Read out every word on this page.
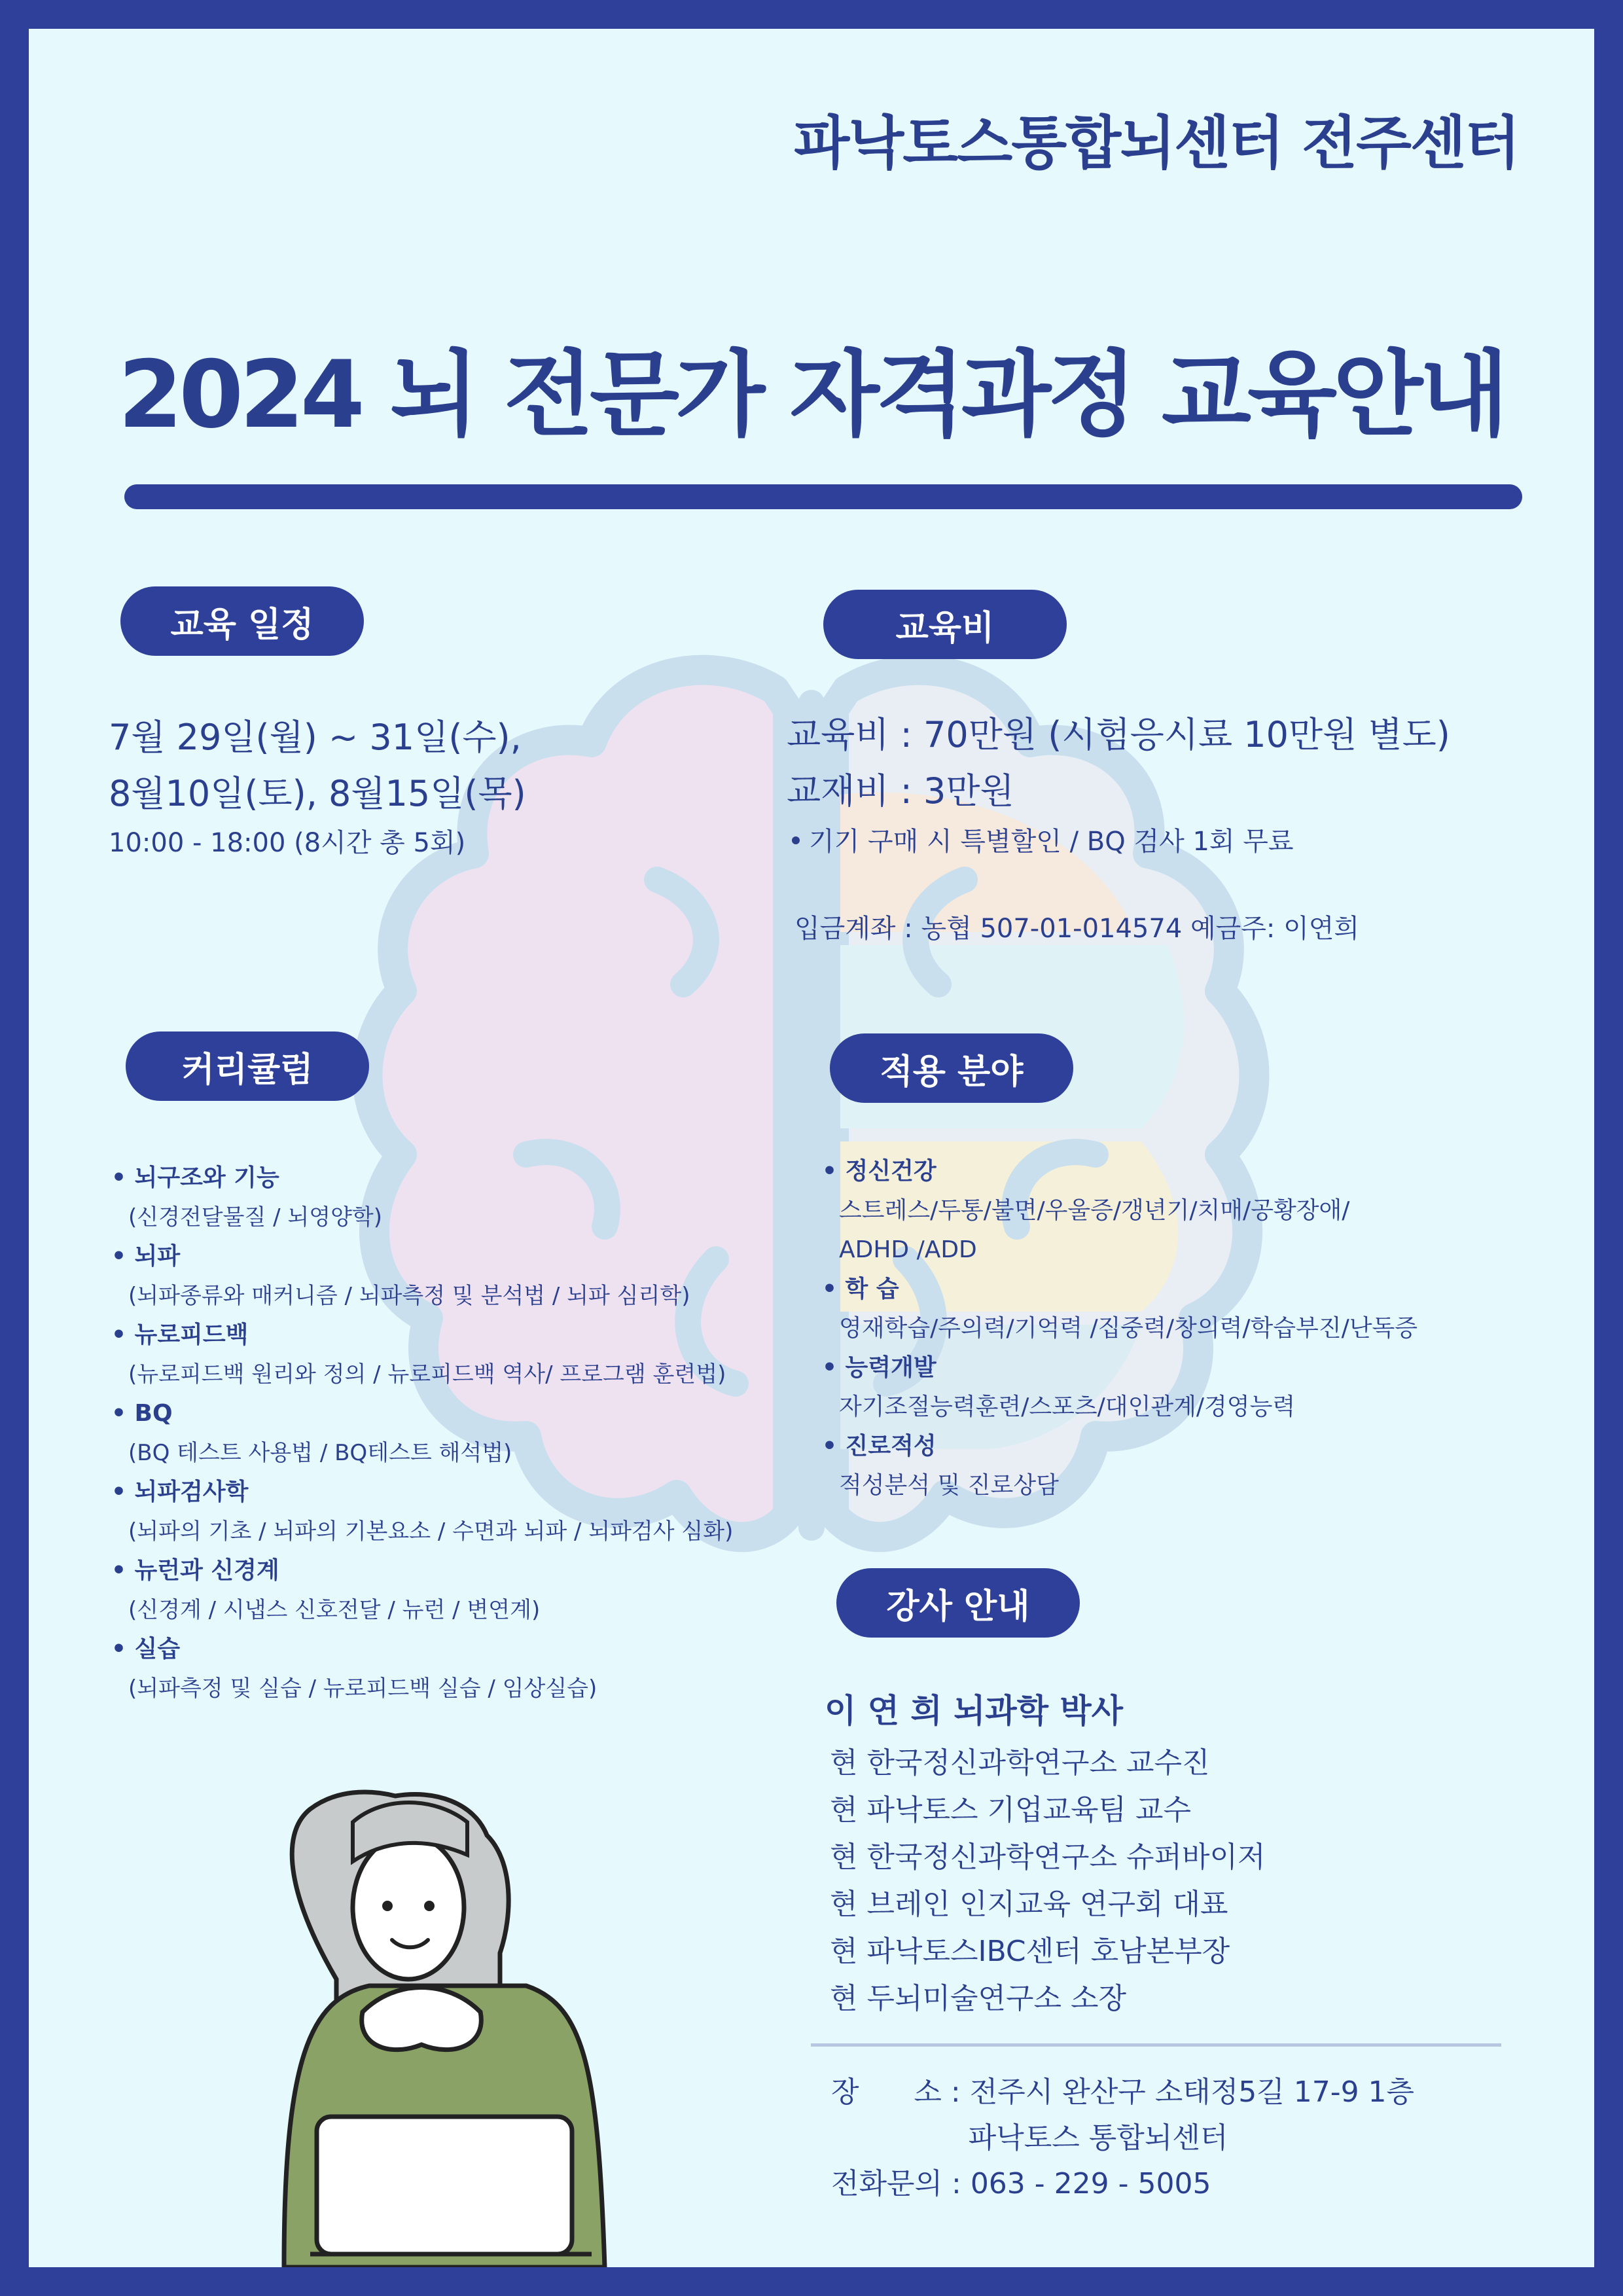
파낙토스통합뇌센터 전주센터
2024 뇌 전문가 자격과정 교육안내
교육 일정
7월 29일(월) ~ 31일(수),
8월10일(토), 8월15일(목)
10:00 - 18:00 (8시간 총 5회)
교육비
교육비 : 70만원 (시험응시료 10만원 별도)
교재비 : 3만원
기기 구매 시 특별할인 / BQ 검사 1회 무료
입금계좌 : 농협 507-01-014574 예금주: 이연희
커리큘럼
• 뇌구조와 기능
(신경전달물질 / 뇌영양학)
• 뇌파
(뇌파종류와 매커니즘 / 뇌파측정 및 분석법 / 뇌파 심리학)
• 뉴로피드백
(뉴로피드백 원리와 정의 / 뉴로피드백 역사/ 프로그램 훈련법)
• BQ
(BQ 테스트 사용법 / BQ테스트 해석법)
• 뇌파검사학
(뇌파의 기초 / 뇌파의 기본요소 / 수면과 뇌파 / 뇌파검사 심화)
• 뉴런과 신경계
(신경계 / 시냅스 신호전달 / 뉴런 / 변연계)
• 실습
(뇌파측정 및 실습 / 뉴로피드백 실습 / 임상실습)
적용 분야
• 정신건강
스트레스/두통/불면/우울증/갱년기/치매/공황장애/
ADHD /ADD
• 학 습
영재학습/주의력/기억력 /집중력/창의력/학습부진/난독증
• 능력개발
자기조절능력훈련/스포츠/대인관계/경영능력
• 진로적성
적성분석 및 진로상담
강사 안내
이 연 희 뇌과학 박사
현 한국정신과학연구소 교수진
현 파낙토스 기업교육팀 교수
현 한국정신과학연구소 슈퍼바이저
현 브레인 인지교육 연구회 대표
현 파낙토스IBC센터 호남본부장
현 두뇌미술연구소 소장
장      소 : 전주시 완산구 소태정5길 17-9 1층
파낙토스 통합뇌센터
전화문의 : 063 - 229 - 5005
